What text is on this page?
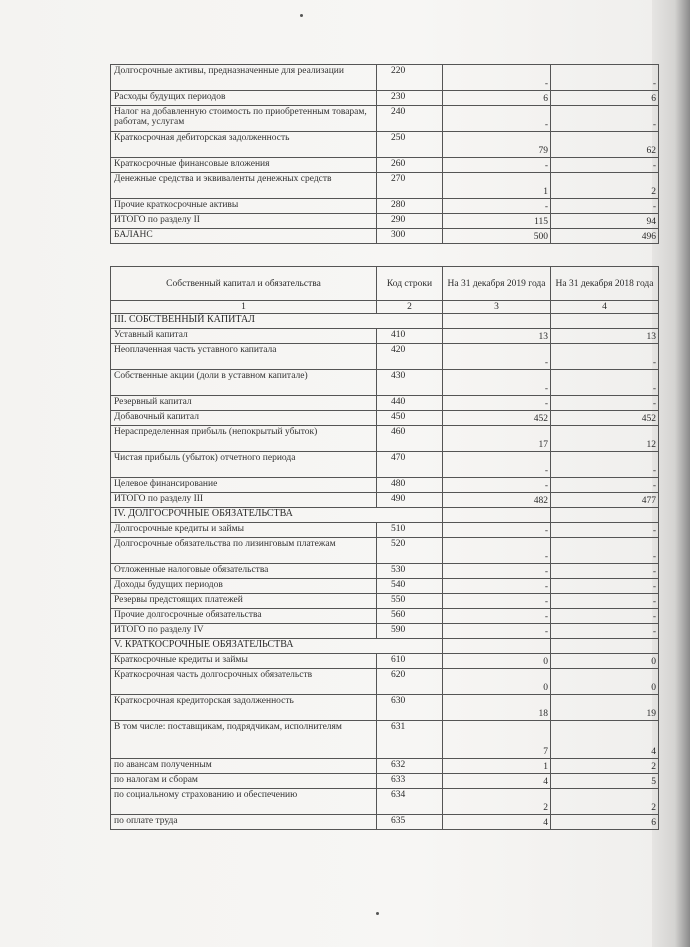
Долгосрочные активы, предназначенные для реализации	220	-	-
Расходы будущих периодов	230	6	6
Налог на добавленную стоимость по приобретенным товарам, работам, услугам	240	-	-
Краткосрочная дебиторская задолженность	250	79	62
Краткосрочные финансовые вложения	260	-	-
Денежные средства и эквиваленты денежных средств	270	1	2
Прочие краткосрочные активы	280	-	-
ИТОГО по разделу II	290	115	94
БАЛАНС	300	500	496
Собственный капитал и обязательства	Код строки	На 31 декабря 2019 года	На 31 декабря 2018 года
1	2	3	4
III. СОБСТВЕННЫЙ КАПИТАЛ			
Уставный капитал	410	13	13
Неоплаченная часть уставного капитала	420	-	-
Собственные акции (доли в уставном капитале)	430	-	-
Резервный капитал	440	-	-
Добавочный капитал	450	452	452
Нераспределенная прибыль (непокрытый убыток)	460	17	12
Чистая прибыль (убыток) отчетного периода	470	-	-
Целевое финансирование	480	-	-
ИТОГО по разделу III	490	482	477
IV. ДОЛГОСРОЧНЫЕ ОБЯЗАТЕЛЬСТВА			
Долгосрочные кредиты и займы	510	-	-
Долгосрочные обязательства по лизинговым платежам	520	-	-
Отложенные налоговые обязательства	530	-	-
Доходы будущих периодов	540	-	-
Резервы предстоящих платежей	550	-	-
Прочие долгосрочные обязательства	560	-	-
ИТОГО по разделу IV	590	-	-
V. КРАТКОСРОЧНЫЕ ОБЯЗАТЕЛЬСТВА			
Краткосрочные кредиты и займы	610	0	0
Краткосрочная часть долгосрочных обязательств	620	0	0
Краткосрочная кредиторская задолженность	630	18	19
В том числе: поставщикам, подрядчикам, исполнителям	631	7	4
по авансам полученным	632	1	2
по налогам и сборам	633	4	5
по социальному страхованию и обеспечению	634	2	2
по оплате труда	635	4	6
